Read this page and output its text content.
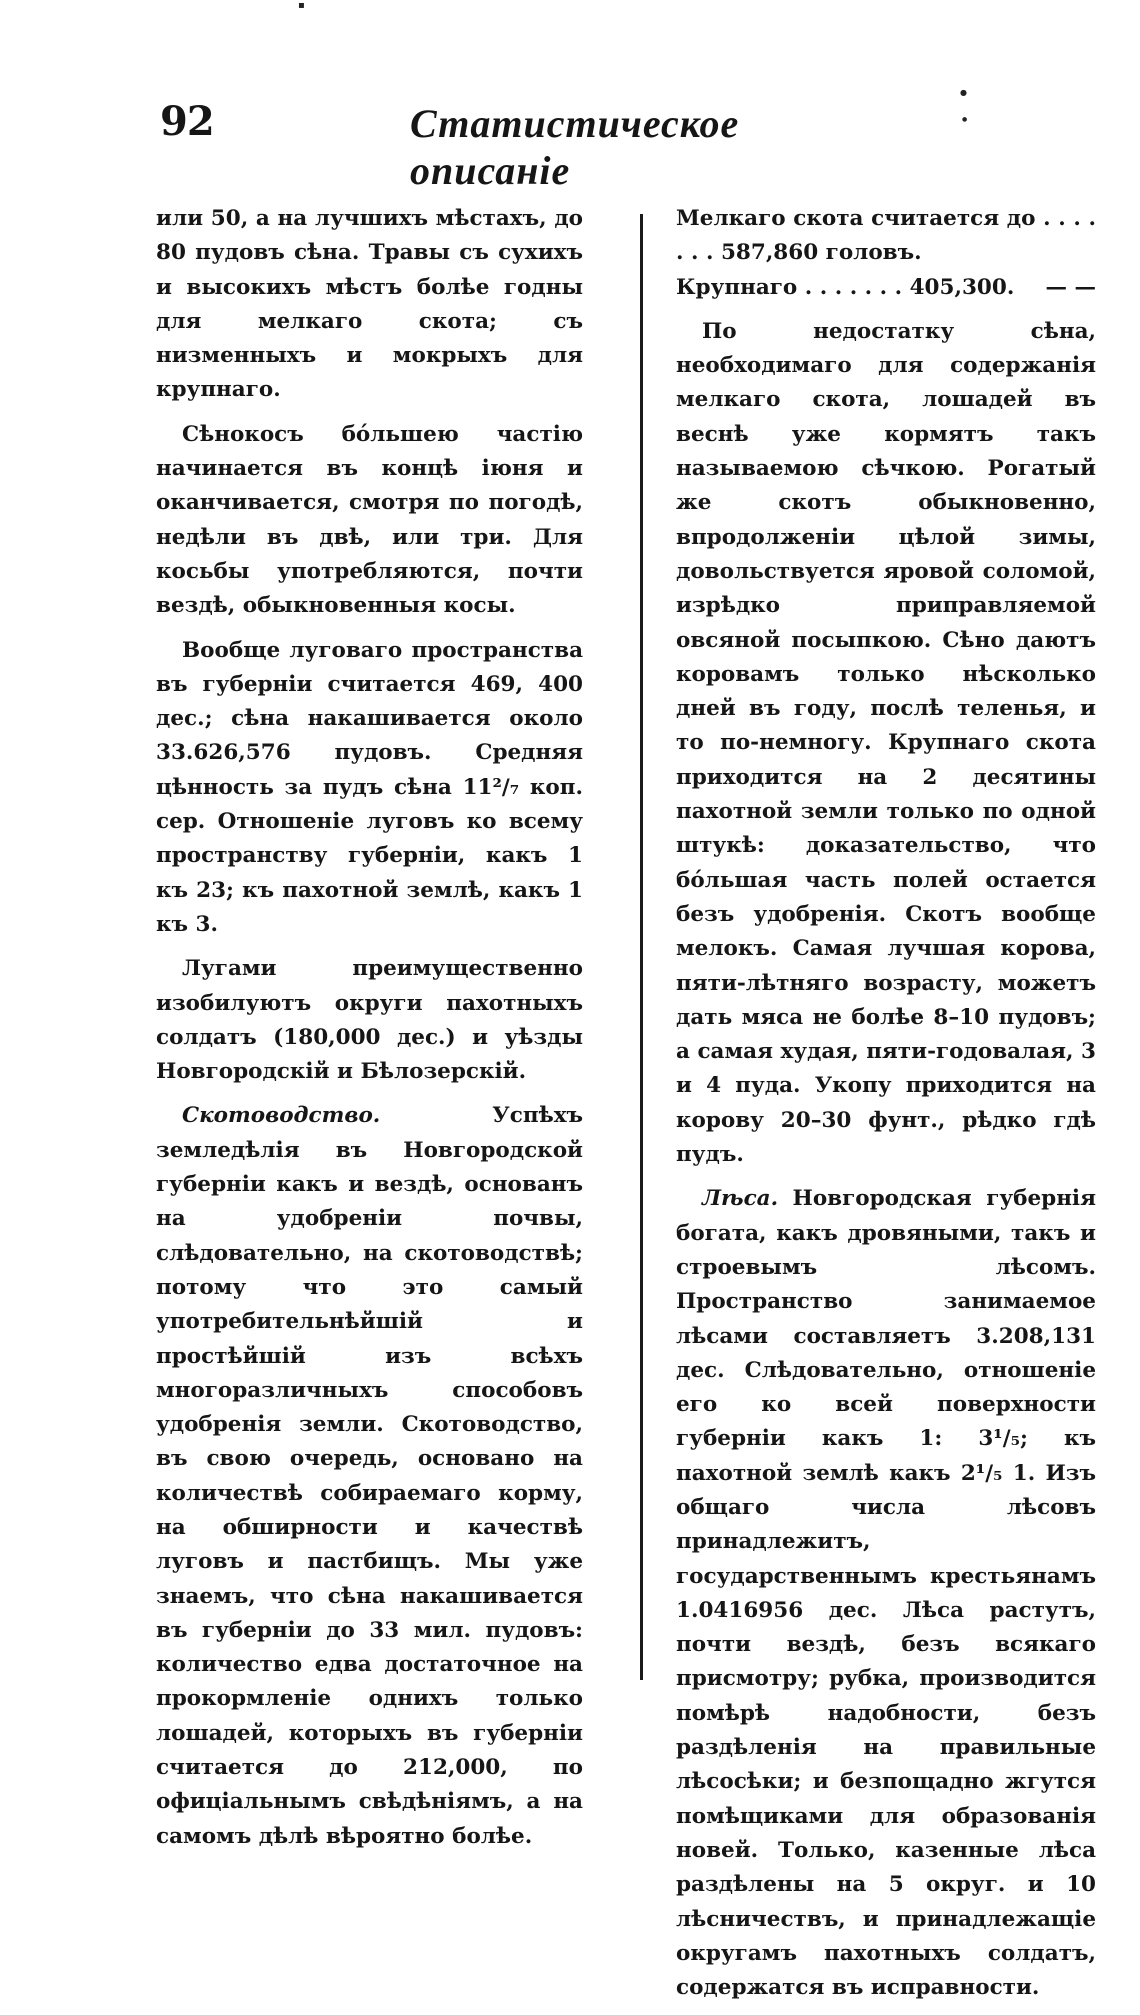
92	Статистическое описаніе
▪
●
●

или 50, а на лучшихъ мѣстахъ, до 80 пудовъ сѣна. Травы съ сухихъ и высокихъ мѣстъ болѣе годны для мелкаго скота; съ низменныхъ и мокрыхъ для крупнаго.

Сѣнокосъ бо́льшею частію начинается въ концѣ іюня и оканчивается, смотря по погодѣ, недѣли въ двѣ, или три. Для косьбы употребляются, почти вездѣ, обыкновенныя косы.

Вообще луговаго пространства въ губерніи считается 469, 400 дес.; сѣна накашивается около 33.626,576 пудовъ. Средняя цѣнность за пудъ сѣна 11²/₇ коп. сер. Отношеніе луговъ ко всему пространству губерніи, какъ 1 къ 23; къ пахотной землѣ, какъ 1 къ 3.

Лугами преимущественно изобилуютъ округи пахотныхъ солдатъ (180,000 дес.) и уѣзды Новгородскій и Бѣлозерскій.

Скотоводство.	Успѣхъ земледѣлія въ Новгородской губерніи какъ и вездѣ, основанъ на удобреніи почвы, слѣдовательно, на скотоводствѣ; потому что это самый употребительнѣйшій и простѣйшій изъ всѣхъ многоразличныхъ способовъ удобренія земли. Скотоводство, въ свою очередь, основано на количествѣ собираемаго корму, на обширности и качествѣ луговъ и пастбищъ. Мы уже знаемъ, что сѣна накашивается въ губерніи до 33 мил. пудовъ: количество едва достаточное на прокормленіе однихъ только лошадей, которыхъ въ губерніи считается до 212,000, по офиціальнымъ свѣдѣніямъ, а на самомъ дѣлѣ вѣроятно болѣе.

Мелкаго скота считается до . . . . . . . 587,860 головъ.

Крупнаго . . . . . . . 405,300. — —

По недостатку сѣна, необходимаго для содержанія мелкаго скота, лошадей въ веснѣ уже кормятъ такъ называемою сѣчкою. Рогатый же скотъ обыкновенно, впродолженіи цѣлой зимы, довольствуется яровой соломой, изрѣдко приправляемой овсяной посыпкою. Сѣно даютъ коровамъ только нѣсколько дней въ году, послѣ теленья, и то по-немногу. Крупнаго скота приходится на 2 десятины пахотной земли только по одной штукѣ: доказательство, что бо́льшая часть полей остается безъ удобренія. Скотъ вообще мелокъ. Самая лучшая корова, пяти-лѣтняго возрасту, можетъ дать мяса не болѣе 8–10 пудовъ; а самая худая, пяти-годовалая, 3 и 4 пуда. Укопу приходится на корову 20–30 фунт., рѣдко гдѣ пудъ.

Лѣса. Новгородская губернія богата, какъ дровяными, такъ и строевымъ лѣсомъ. Пространство занимаемое лѣсами составляетъ 3.208,131 дес. Слѣдовательно, отношеніе его ко всей поверхности губерніи какъ 1: 3¹/₅; къ пахотной землѣ какъ 2¹/₅ 1. Изъ общаго числа лѣсовъ принадлежитъ, государственнымъ крестьянамъ 1.0416956 дес. Лѣса растутъ, почти вездѣ, безъ всякаго присмотру; рубка, производится помѣрѣ надобности, безъ раздѣленія на правильные лѣсосѣки; и безпощадно жгутся помѣщиками для образованія новей. Только, казенные лѣса раздѣлены на 5 округ. и 10 лѣсничествъ, и принадлежащіе округамъ пахотныхъ солдатъ, содержатся въ исправности.
